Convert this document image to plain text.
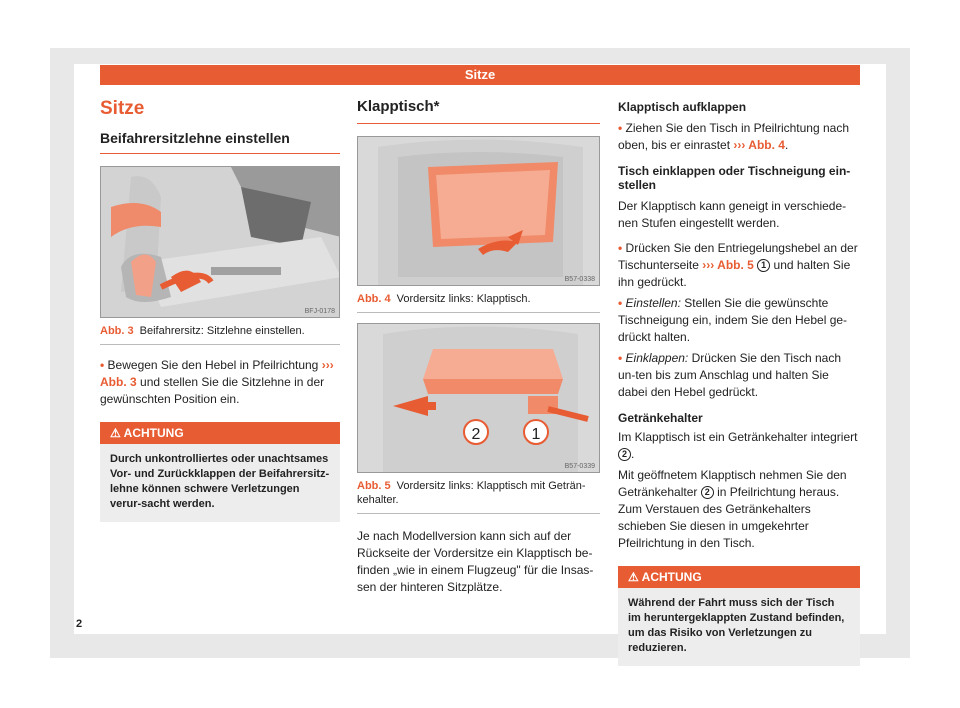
Sitze
Sitze
Beifahrersitzlehne einstellen
BFJ-0178
Abb. 3 Beifahrersitz: Sitzlehne einstellen.
• Bewegen Sie den Hebel in Pfeilrichtung ››› Abb. 3 und stellen Sie die Sitzlehne in der gewünschten Position ein.
⚠ ACHTUNG
Durch unkontrolliertes oder unachtsames Vor- und Zurückklappen der Beifahrersitz-lehne können schwere Verletzungen verur-sacht werden.
Klapptisch*
B57-0338
Abb. 4 Vordersitz links: Klapptisch.
2	1
B57-0339
Abb. 5 Vordersitz links: Klapptisch mit Geträn-kehalter.
Je nach Modellversion kann sich auf der Rückseite der Vordersitze ein Klapptisch be-finden „wie in einem Flugzeug" für die Insas-sen der hinteren Sitzplätze.
Klapptisch aufklappen
• Ziehen Sie den Tisch in Pfeilrichtung nach oben, bis er einrastet ››› Abb. 4.
Tisch einklappen oder Tischneigung ein-stellen
Der Klapptisch kann geneigt in verschiede-nen Stufen eingestellt werden.
• Drücken Sie den Entriegelungshebel an der Tischunterseite ››› Abb. 5 1 und halten Sie ihn gedrückt.
• Einstellen: Stellen Sie die gewünschte Tischneigung ein, indem Sie den Hebel ge-drückt halten.
• Einklappen: Drücken Sie den Tisch nach un-ten bis zum Anschlag und halten Sie dabei den Hebel gedrückt.
Getränkehalter
Im Klapptisch ist ein Getränkehalter integriert 2 .
Mit geöffnetem Klapptisch nehmen Sie den Getränkehalter 2 in Pfeilrichtung heraus. Zum Verstauen des Getränkehalters schieben Sie diesen in umgekehrter Pfeilrichtung in den Tisch.
⚠ ACHTUNG
Während der Fahrt muss sich der Tisch im heruntergeklappten Zustand befinden, um das Risiko von Verletzungen zu reduzieren.
2
